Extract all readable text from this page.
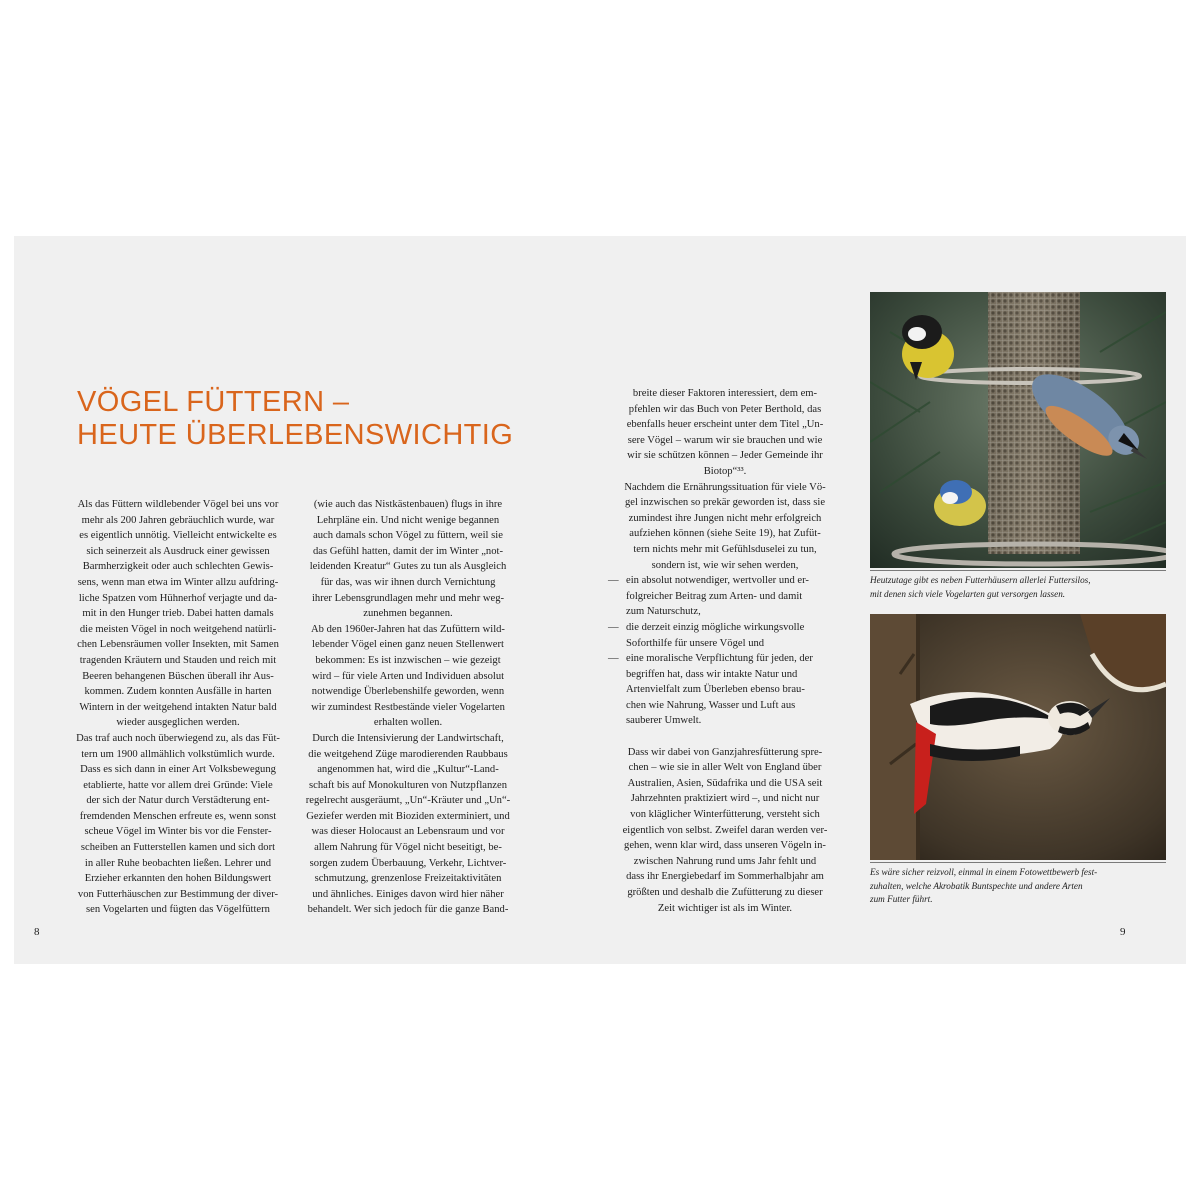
VÖGEL FÜTTERN –
HEUTE ÜBERLEBENSWICHTIG
Als das Füttern wildlebender Vögel bei uns vor
mehr als 200 Jahren gebräuchlich wurde, war
es eigentlich unnötig. Vielleicht entwickelte es
sich seinerzeit als Ausdruck einer gewissen
Barmherzigkeit oder auch schlechten Gewis-
sens, wenn man etwa im Winter allzu aufdring-
liche Spatzen vom Hühnerhof verjagte und da-
mit in den Hunger trieb. Dabei hatten damals
die meisten Vögel in noch weitgehend natürli-
chen Lebensräumen voller Insekten, mit Samen
tragenden Kräutern und Stauden und reich mit
Beeren behangenen Büschen überall ihr Aus-
kommen. Zudem konnten Ausfälle in harten
Wintern in der weitgehend intakten Natur bald
wieder ausgeglichen werden.
Das traf auch noch überwiegend zu, als das Füt-
tern um 1900 allmählich volkstümlich wurde.
Dass es sich dann in einer Art Volksbewegung
etablierte, hatte vor allem drei Gründe: Viele
der sich der Natur durch Verstädterung ent-
fremdenden Menschen erfreute es, wenn sonst
scheue Vögel im Winter bis vor die Fenster-
scheiben an Futterstellen kamen und sich dort
in aller Ruhe beobachten ließen. Lehrer und
Erzieher erkannten den hohen Bildungswert
von Futterhäuschen zur Bestimmung der diver-
sen Vogelarten und fügten das Vögelfüttern
(wie auch das Nistkästenbauen) flugs in ihre
Lehrpläne ein. Und nicht wenige begannen
auch damals schon Vögel zu füttern, weil sie
das Gefühl hatten, damit der im Winter „not-
leidenden Kreatur“ Gutes zu tun als Ausgleich
für das, was wir ihnen durch Vernichtung
ihrer Lebensgrundlagen mehr und mehr weg-
zunehmen begannen.
Ab den 1960er-Jahren hat das Zufüttern wild-
lebender Vögel einen ganz neuen Stellenwert
bekommen: Es ist inzwischen – wie gezeigt
wird – für viele Arten und Individuen absolut
notwendige Überlebenshilfe geworden, wenn
wir zumindest Restbestände vieler Vogelarten
erhalten wollen.
Durch die Intensivierung der Landwirtschaft,
die weitgehend Züge marodierenden Raubbaus
angenommen hat, wird die „Kultur“-Land-
schaft bis auf Monokulturen von Nutzpflanzen
regelrecht ausgeräumt, „Un“-Kräuter und „Un“-
Geziefer werden mit Bioziden exterminiert, und
was dieser Holocaust an Lebensraum und vor
allem Nahrung für Vögel nicht beseitigt, be-
sorgen zudem Überbauung, Verkehr, Lichtver-
schmutzung, grenzenlose Freizeitaktivitäten
und ähnliches. Einiges davon wird hier näher
behandelt. Wer sich jedoch für die ganze Band-
8
breite dieser Faktoren interessiert, dem em-
pfehlen wir das Buch von Peter Berthold, das
ebenfalls heuer erscheint unter dem Titel „Un-
sere Vögel – warum wir sie brauchen und wie
wir sie schützen können – Jeder Gemeinde ihr
Biotop“³³.
Nachdem die Ernährungssituation für viele Vö-
gel inzwischen so prekär geworden ist, dass sie
zumindest ihre Jungen nicht mehr erfolgreich
aufziehen können (siehe Seite 19), hat Zufüt-
tern nichts mehr mit Gefühlsduselei zu tun,
sondern ist, wie wir sehen werden,
— ein absolut notwendiger, wertvoller und er-
folgreicher Beitrag zum Arten- und damit
zum Naturschutz,
— die derzeit einzig mögliche wirkungsvolle
Soforthilfe für unsere Vögel und
— eine moralische Verpflichtung für jeden, der
begriffen hat, dass wir intakte Natur und
Artenvielfalt zum Überleben ebenso brau-
chen wie Nahrung, Wasser und Luft aus
sauberer Umwelt.
Dass wir dabei von Ganzjahresfütterung spre-
chen – wie sie in aller Welt von England über
Australien, Asien, Südafrika und die USA seit
Jahrzehnten praktiziert wird –, und nicht nur
von kläglicher Winterfütterung, versteht sich
eigentlich von selbst. Zweifel daran werden ver-
gehen, wenn klar wird, dass unseren Vögeln in-
zwischen Nahrung rund ums Jahr fehlt und
dass ihr Energiebedarf im Sommerhalbjahr am
größten und deshalb die Zufütterung zu dieser
Zeit wichtiger ist als im Winter.
Heutzutage gibt es neben Futterhäusern allerlei Futtersilos,
mit denen sich viele Vogelarten gut versorgen lassen.
Es wäre sicher reizvoll, einmal in einem Fotowettbewerb fest-
zuhalten, welche Akrobatik Buntspechte und andere Arten
zum Futter führt.
9
